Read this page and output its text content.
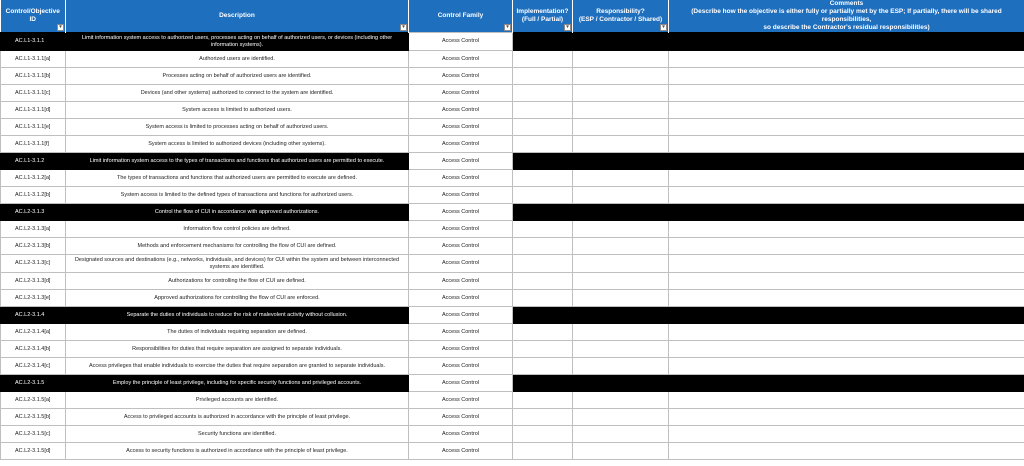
Control/Objective ID
▾	Description
▾	Control Family
▾	Implementation?
(Full / Partial)
▾	Responsibility?
(ESP / Contractor / Shared)
▾	Comments
(Describe how the objective is either fully or partially met by the ESP; If partially, there will be shared responsibilities,
so describe the Contractor's residual responsibilities)
AC.L1-3.1.1	Limit information system access to authorized users, processes acting on behalf of authorized users, or devices (including other information systems).	Access Control			
AC.L1-3.1.1[a]	Authorized users are identified.	Access Control			
AC.L1-3.1.1[b]	Processes acting on behalf of authorized users are identified.	Access Control			
AC.L1-3.1.1[c]	Devices (and other systems) authorized to connect to the system are identified.	Access Control			
AC.L1-3.1.1[d]	System access is limited to authorized users.	Access Control			
AC.L1-3.1.1[e]	System access is limited to processes acting on behalf of authorized users.	Access Control			
AC.L1-3.1.1[f]	System access is limited to authorized devices (including other systems).	Access Control			
AC.L1-3.1.2	Limit information system access to the types of transactions and functions that authorized users are permitted to execute.	Access Control			
AC.L1-3.1.2[a]	The types of transactions and functions that authorized users are permitted to execute are defined.	Access Control			
AC.L1-3.1.2[b]	System access is limited to the defined types of transactions and functions for authorized users.	Access Control			
AC.L2-3.1.3	Control the flow of CUI in accordance with approved authorizations.	Access Control			
AC.L2-3.1.3[a]	Information flow control policies are defined.	Access Control			
AC.L2-3.1.3[b]	Methods and enforcement mechanisms for controlling the flow of CUI are defined.	Access Control			
AC.L2-3.1.3[c]	Designated sources and destinations (e.g., networks, individuals, and devices) for CUI within the system and between interconnected systems are identified.	Access Control			
AC.L2-3.1.3[d]	Authorizations for controlling the flow of CUI are defined.	Access Control			
AC.L2-3.1.3[e]	Approved authorizations for controlling the flow of CUI are enforced.	Access Control			
AC.L2-3.1.4	Separate the duties of individuals to reduce the risk of malevolent activity without collusion.	Access Control			
AC.L2-3.1.4[a]	The duties of individuals requiring separation are defined.	Access Control			
AC.L2-3.1.4[b]	Responsibilities for duties that require separation are assigned to separate individuals.	Access Control			
AC.L2-3.1.4[c]	Access privileges that enable individuals to exercise the duties that require separation are granted to separate individuals.	Access Control			
AC.L2-3.1.5	Employ the principle of least privilege, including for specific security functions and privileged accounts.	Access Control			
AC.L2-3.1.5[a]	Privileged accounts are identified.	Access Control			
AC.L2-3.1.5[b]	Access to privileged accounts is authorized in accordance with the principle of least privilege.	Access Control			
AC.L2-3.1.5[c]	Security functions are identified.	Access Control			
AC.L2-3.1.5[d]	Access to security functions is authorized in accordance with the principle of least privilege.	Access Control			
